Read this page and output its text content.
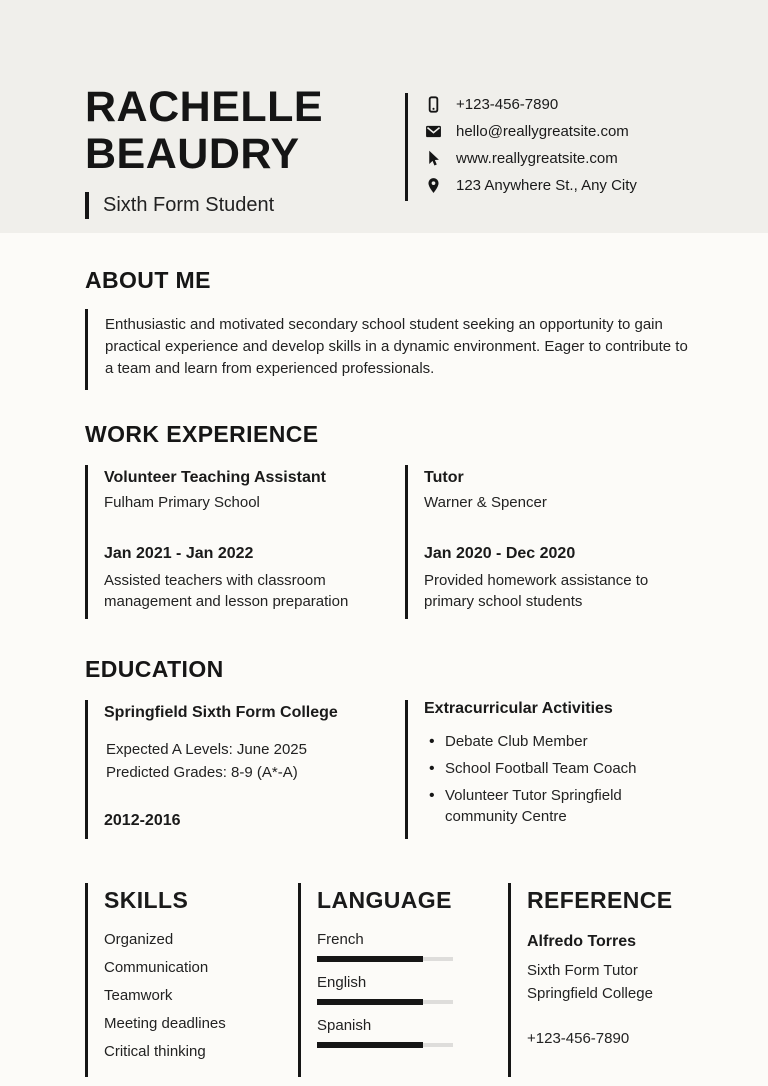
RACHELLE BEAUDRY
Sixth Form Student
+123-456-7890
hello@reallygreatsite.com
www.reallygreatsite.com
123 Anywhere St., Any City
ABOUT ME
Enthusiastic and motivated secondary school student seeking an opportunity to gain practical experience and develop skills in a dynamic environment. Eager to contribute to a team and learn from experienced professionals.
WORK EXPERIENCE
Volunteer Teaching Assistant
Fulham Primary School
Jan 2021 - Jan 2022
Assisted teachers with classroom management and lesson preparation
Tutor
Warner & Spencer
Jan 2020 - Dec 2020
Provided homework assistance to primary school students
EDUCATION
Springfield Sixth Form College
Expected A Levels: June 2025
Predicted Grades: 8-9 (A*-A)
2012-2016
Extracurricular Activities
• Debate Club Member
• School Football Team Coach
• Volunteer Tutor Springfield community Centre
SKILLS
Organized
Communication
Teamwork
Meeting deadlines
Critical thinking
LANGUAGE
French
English
Spanish
REFERENCE
Alfredo Torres
Sixth Form Tutor
Springfield College
+123-456-7890
